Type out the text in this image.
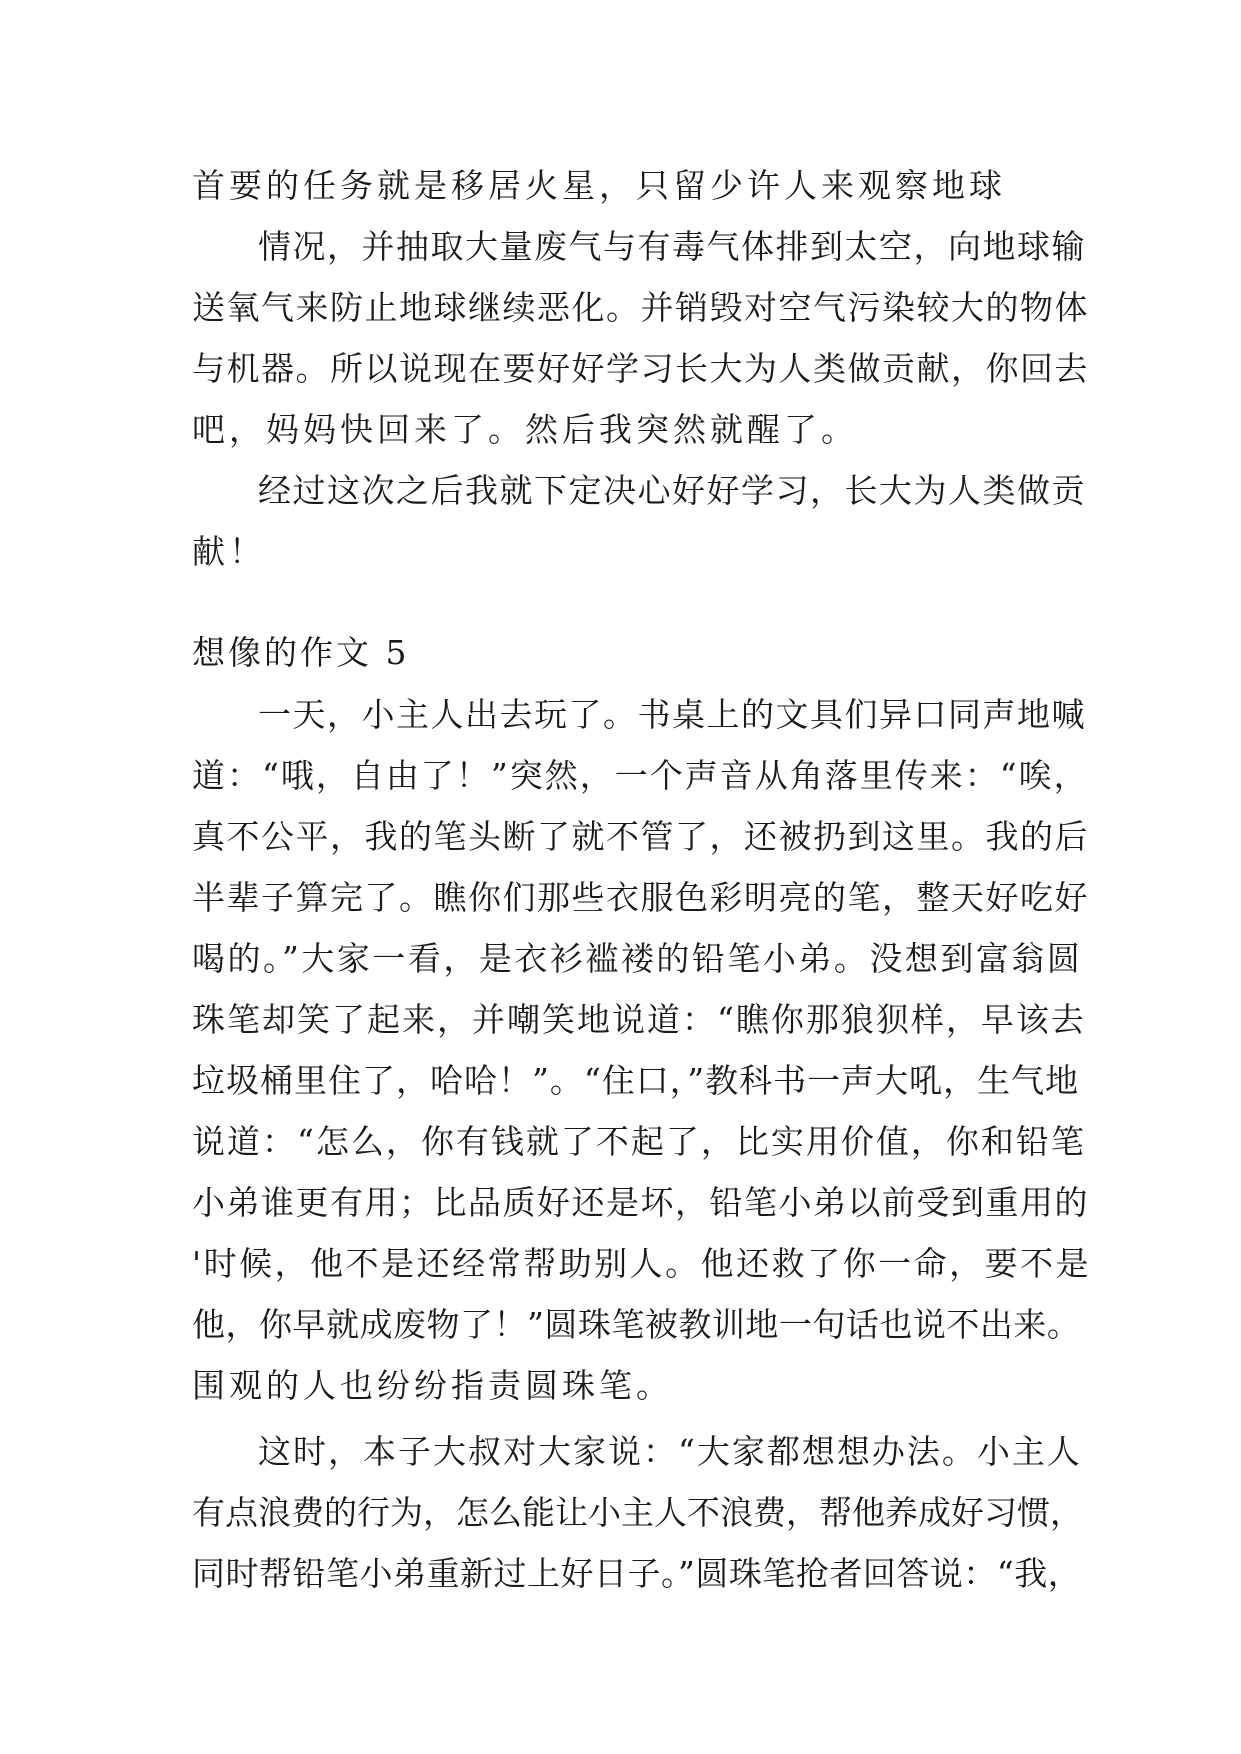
首要的任务就是移居火星，只留少许人来观察地球
情况，并抽取大量废气与有毒气体排到太空，向地球输
送氧气来防止地球继续恶化。并销毁对空气污染较大的物体
与机器。所以说现在要好好学习长大为人类做贡献，你回去
吧，妈妈快回来了。然后我突然就醒了。
经过这次之后我就下定决心好好学习，长大为人类做贡
献！
想像的作文 5
一天，小主人出去玩了。书桌上的文具们异口同声地喊
道：“哦，自由了！”突然，一个声音从角落里传来：“唉，
真不公平，我的笔头断了就不管了，还被扔到这里。我的后
半辈子算完了。瞧你们那些衣服色彩明亮的笔，整天好吃好
喝的。”大家一看，是衣衫褴褛的铅笔小弟。没想到富翁圆
珠笔却笑了起来，并嘲笑地说道：“瞧你那狼狈样，早该去
垃圾桶里住了，哈哈！”。“住口，”教科书一声大吼，生气地
说道：“怎么，你有钱就了不起了，比实用价值，你和铅笔
小弟谁更有用；比品质好还是坏，铅笔小弟以前受到重用的
'时候，他不是还经常帮助别人。他还救了你一命，要不是
他，你早就成废物了！”圆珠笔被教训地一句话也说不出来。
围观的人也纷纷指责圆珠笔。
这时，本子大叔对大家说：“大家都想想办法。小主人
有点浪费的行为，怎么能让小主人不浪费，帮他养成好习惯，
同时帮铅笔小弟重新过上好日子。”圆珠笔抢者回答说：“我，
